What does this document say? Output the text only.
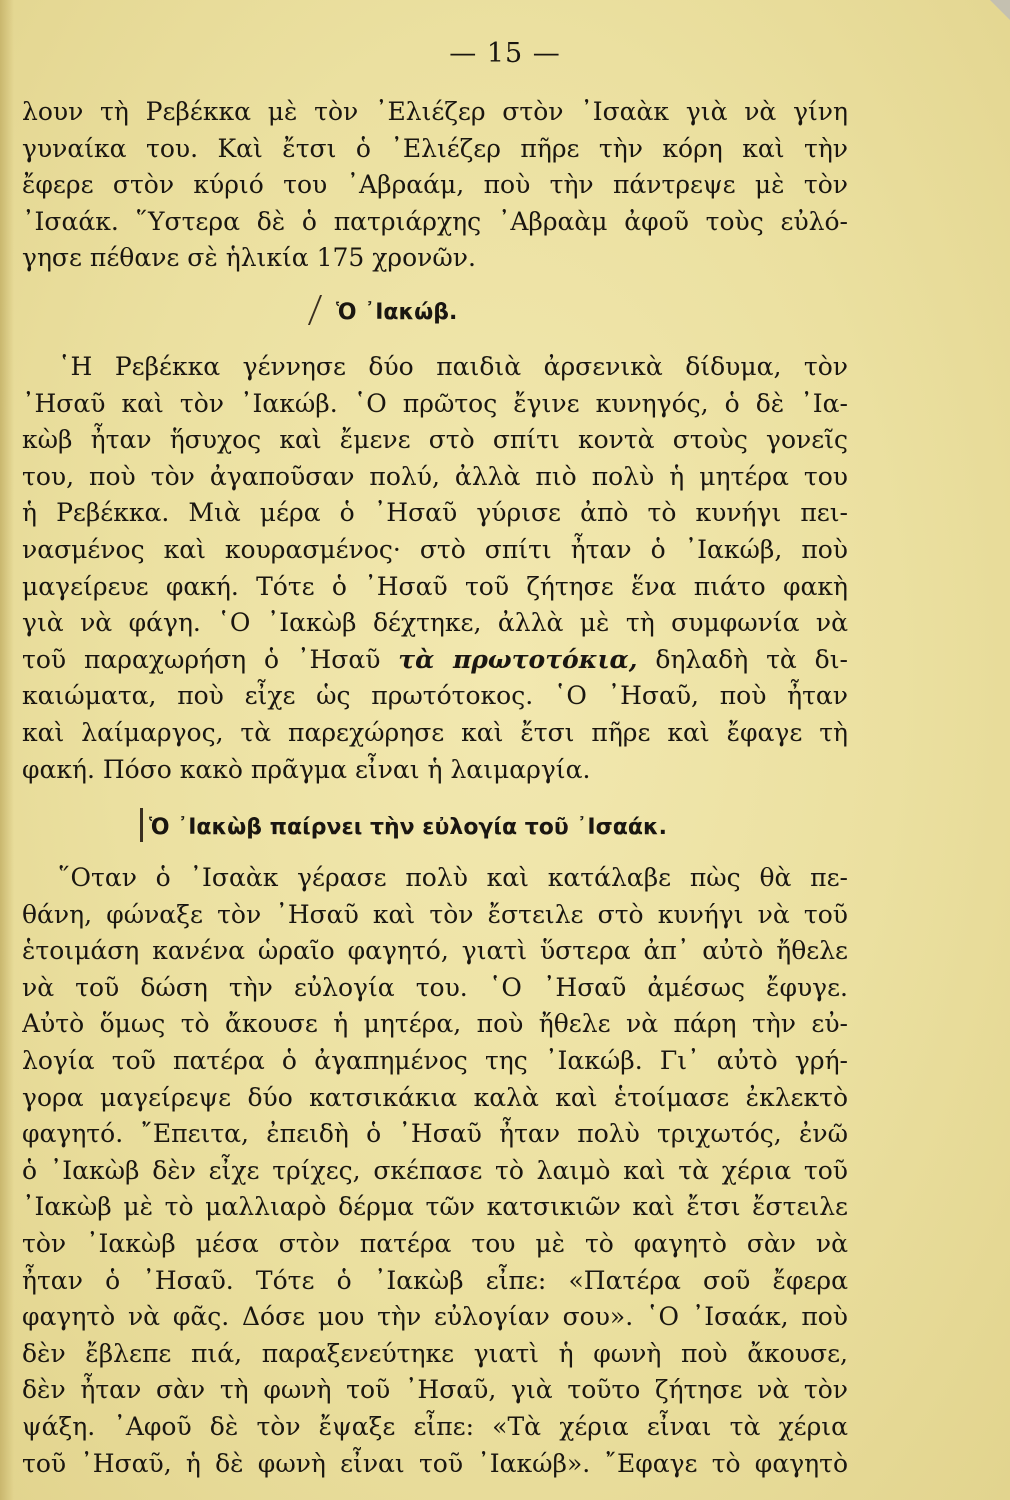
— 15 —
λουν τὴ Ρεβέκκα μὲ τὸν ᾽Ελιέζερ στὸν ᾽Ισαὰκ γιὰ νὰ γίνη
γυναίκα του. Καὶ ἔτσι ὁ ᾽Ελιέζερ πῆρε τὴν κόρη καὶ τὴν
ἔφερε στὸν κύριό του ᾽Αβραάμ, ποὺ τὴν πάντρεψε μὲ τὸν
᾽Ισαάκ. ῞Υστερα δὲ ὁ πατριάρχης ᾽Αβραὰμ ἀφοῦ τοὺς εὐλό-
γησε πέθανε σὲ ἡλικία 175 χρονῶν.
Ὁ ᾽Ιακώβ.
῾Η Ρεβέκκα γέννησε δύο παιδιὰ ἀρσενικὰ δίδυμα, τὸν
᾽Ησαῦ καὶ τὸν ᾽Ιακώβ. ῾Ο πρῶτος ἔγινε κυνηγός, ὁ δὲ ᾽Ια-
κὼβ ἦταν ἥσυχος καὶ ἔμενε στὸ σπίτι κοντὰ στοὺς γονεῖς
του, ποὺ τὸν ἀγαποῦσαν πολύ, ἀλλὰ πιὸ πολὺ ἡ μητέρα του
ἡ Ρεβέκκα. Μιὰ μέρα ὁ ᾽Ησαῦ γύρισε ἀπὸ τὸ κυνήγι πει-
νασμένος καὶ κουρασμένος· στὸ σπίτι ἦταν ὁ ᾽Ιακώβ, ποὺ
μαγείρευε φακή. Τότε ὁ ᾽Ησαῦ τοῦ ζήτησε ἕνα πιάτο φακὴ
γιὰ νὰ φάγη. ῾Ο ᾽Ιακὼβ δέχτηκε, ἀλλὰ μὲ τὴ συμφωνία νὰ
τοῦ παραχωρήση ὁ ᾽Ησαῦ τὰ πρωτοτόκια, δηλαδὴ τὰ δι-
καιώματα, ποὺ εἶχε ὡς πρωτότοκος. ῾Ο ᾽Ησαῦ, ποὺ ἦταν
καὶ λαίμαργος, τὰ παρεχώρησε καὶ ἔτσι πῆρε καὶ ἔφαγε τὴ
φακή. Πόσο κακὸ πρᾶγμα εἶναι ἡ λαιμαργία.
Ὁ ᾽Ιακὼβ παίρνει τὴν εὐλογία τοῦ ᾽Ισαάκ.
῞Οταν ὁ ᾽Ισαὰκ γέρασε πολὺ καὶ κατάλαβε πὼς θὰ πε-
θάνη, φώναξε τὸν ᾽Ησαῦ καὶ τὸν ἔστειλε στὸ κυνήγι νὰ τοῦ
ἑτοιμάση κανένα ὡραῖο φαγητό, γιατὶ ὕστερα ἀπ᾽ αὐτὸ ἤθελε
νὰ τοῦ δώση τὴν εὐλογία του. ῾Ο ᾽Ησαῦ ἀμέσως ἔφυγε.
Αὐτὸ ὅμως τὸ ἄκουσε ἡ μητέρα, ποὺ ἤθελε νὰ πάρη τὴν εὐ-
λογία τοῦ πατέρα ὁ ἀγαπημένος της ᾽Ιακώβ. Γι᾽ αὐτὸ γρή-
γορα μαγείρεψε δύο κατσικάκια καλὰ καὶ ἑτοίμασε ἐκλεκτὸ
φαγητό. ῎Επειτα, ἐπειδὴ ὁ ᾽Ησαῦ ἦταν πολὺ τριχωτός, ἐνῶ
ὁ ᾽Ιακὼβ δὲν εἶχε τρίχες, σκέπασε τὸ λαιμὸ καὶ τὰ χέρια τοῦ
᾽Ιακὼβ μὲ τὸ μαλλιαρὸ δέρμα τῶν κατσικιῶν καὶ ἔτσι ἔστειλε
τὸν ᾽Ιακὼβ μέσα στὸν πατέρα του μὲ τὸ φαγητὸ σὰν νὰ
ἦταν ὁ ᾽Ησαῦ. Τότε ὁ ᾽Ιακὼβ εἶπε: «Πατέρα σοῦ ἔφερα
φαγητὸ νὰ φᾶς. Δόσε μου τὴν εὐλογίαν σου». ῾Ο ᾽Ισαάκ, ποὺ
δὲν ἔβλεπε πιά, παραξενεύτηκε γιατὶ ἡ φωνὴ ποὺ ἄκουσε,
δὲν ἦταν σὰν τὴ φωνὴ τοῦ ᾽Ησαῦ, γιὰ τοῦτο ζήτησε νὰ τὸν
ψάξη. ᾽Αφοῦ δὲ τὸν ἔψαξε εἶπε: «Τὰ χέρια εἶναι τὰ χέρια
τοῦ ᾽Ησαῦ, ἡ δὲ φωνὴ εἶναι τοῦ ᾽Ιακώβ». ῎Εφαγε τὸ φαγητὸ
